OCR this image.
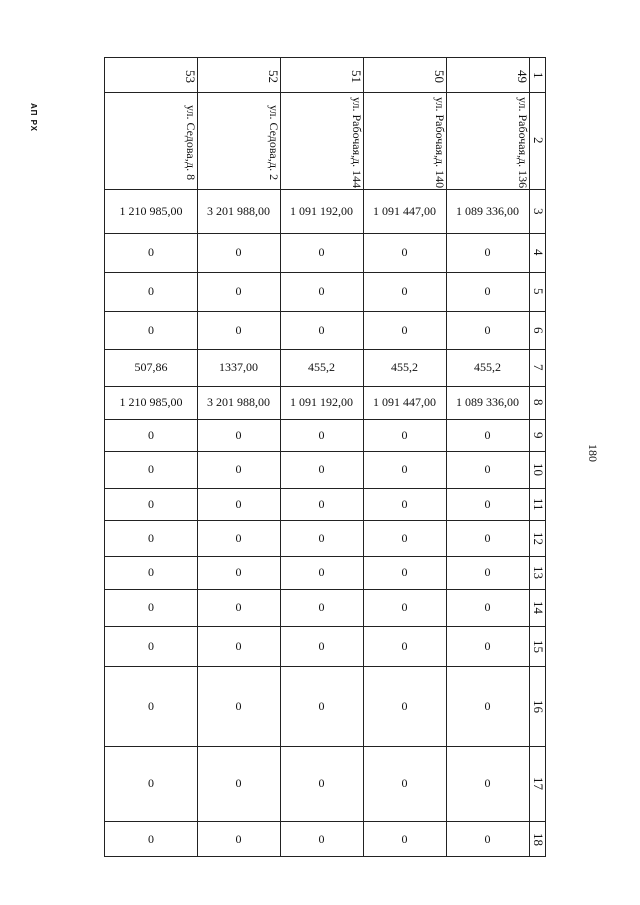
АП РХ
180
1
2
3
4
5
6
7
8
9
10
11
12
13
14
15
16
17
18
49
ул. Рабочая,
д. 136
1 089 336,00
0
0
0
455,2
1 089 336,00
0
0
0
0
0
0
0
0
0
0
50
ул. Рабочая,
д. 140
1 091 447,00
0
0
0
455,2
1 091 447,00
0
0
0
0
0
0
0
0
0
0
51
ул. Рабочая,
д. 144
1 091 192,00
0
0
0
455,2
1 091 192,00
0
0
0
0
0
0
0
0
0
0
52
ул. Седова,
д. 2
3 201 988,00
0
0
0
1337,00
3 201 988,00
0
0
0
0
0
0
0
0
0
0
53
ул. Седова,
д. 8
1 210 985,00
0
0
0
507,86
1 210 985,00
0
0
0
0
0
0
0
0
0
0
